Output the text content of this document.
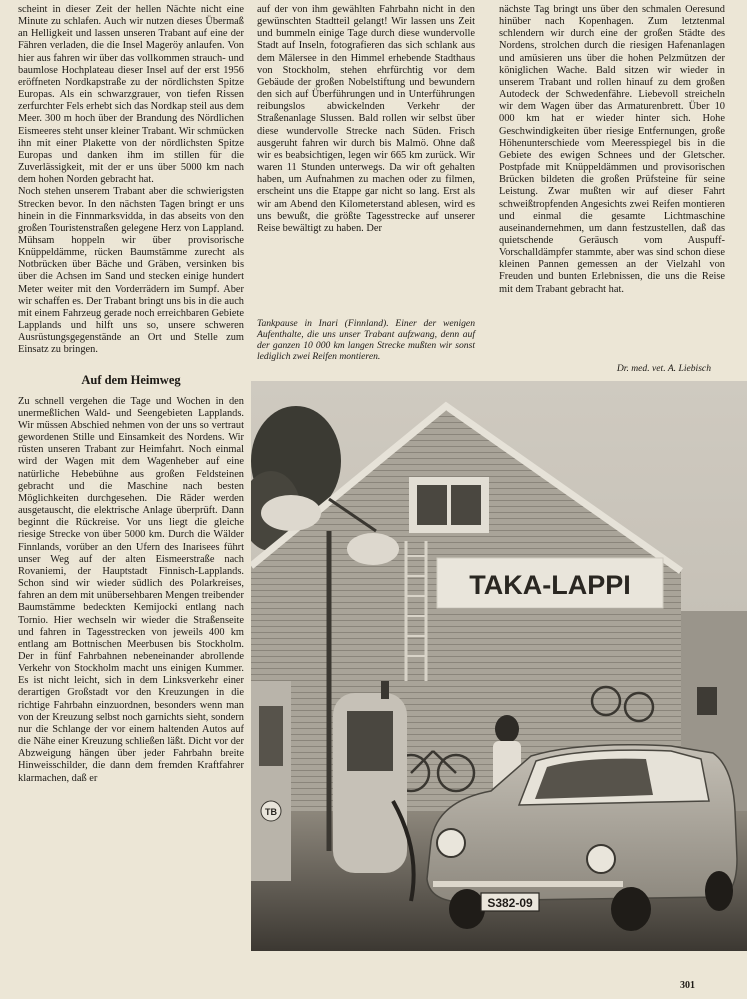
scheint in dieser Zeit der hellen Nächte nicht eine Minute zu schlafen. Auch wir nutzen dieses Übermaß an Helligkeit und lassen unseren Trabant auf eine der Fähren verladen, die die Insel Mageröy anlaufen. Von hier aus fahren wir über das vollkommen strauch- und baumlose Hochplateau dieser Insel auf der erst 1956 eröffneten Nordkapstraße zu der nördlichsten Spitze Europas. Als ein schwarzgrauer, von tiefen Rissen zerfurchter Fels erhebt sich das Nordkap steil aus dem Meer. 300 m hoch über der Brandung des Nördlichen Eismeeres steht unser kleiner Trabant. Wir schmücken ihn mit einer Plakette von der nördlichsten Spitze Europas und danken ihm im stillen für die Zuverlässigkeit, mit der er uns über 5000 km nach dem hohen Norden gebracht hat.

Noch stehen unserem Trabant aber die schwierigsten Strecken bevor. In den nächsten Tagen bringt er uns hinein in die Finnmarksvidda, in das abseits von den großen Touristenstraßen gelegene Herz von Lappland. Mühsam hoppeln wir über provisorische Knüppeldämme, rücken Baumstämme zurecht als Notbrücken über Bäche und Gräben, versinken bis über die Achsen im Sand und stecken einige hundert Meter weiter mit den Vorderrädern im Sumpf. Aber wir schaffen es. Der Trabant bringt uns bis in die auch mit einem Fahrzeug gerade noch erreichbaren Gebiete Lapplands und hilft uns so, unsere schweren Ausrüstungsgegenstände an Ort und Stelle zum Einsatz zu bringen.

Auf dem Heimweg

Zu schnell vergehen die Tage und Wochen in den unermeßlichen Wald- und Seengebieten Lapplands. Wir müssen Abschied nehmen von der uns so vertraut gewordenen Stille und Einsamkeit des Nordens. Wir rüsten unseren Trabant zur Heimfahrt. Noch einmal wird der Wagen mit dem Wagenheber auf eine natürliche Hebebühne aus großen Feldsteinen gebracht und die Maschine nach besten Möglichkeiten durchgesehen. Die Räder werden ausgetauscht, die elektrische Anlage überprüft. Dann beginnt die Rückreise. Vor uns liegt die gleiche riesige Strecke von über 5000 km. Durch die Wälder Finnlands, vorüber an den Ufern des Inarisees führt unser Weg auf der alten Eismeerstraße nach Rovaniemi, der Hauptstadt Finnisch-Lapplands. Schon sind wir wieder südlich des Polarkreises, fahren an dem mit unübersehbaren Mengen treibender Baumstämme bedeckten Kemijocki entlang nach Tornio. Hier wechseln wir wieder die Straßenseite und fahren in Tagesstrecken von jeweils 400 km entlang am Bottnischen Meerbusen bis Stockholm. Der in fünf Fahrbahnen nebeneinander abrollende Verkehr von Stockholm macht uns einigen Kummer. Es ist nicht leicht, sich in dem Linksverkehr einer derartigen Großstadt vor den Kreuzungen in die richtige Fahrbahn einzuordnen, besonders wenn man von der Kreuzung selbst noch garnichts sieht, sondern nur die Schlange der vor einem haltenden Autos auf die Nähe einer Kreuzung schließen läßt. Dicht vor der Abzweigung hängen über jeder Fahrbahn breite Hinweisschilder, die dann dem fremden Kraftfahrer klarmachen, daß er

auf der von ihm gewählten Fahrbahn nicht in den gewünschten Stadtteil gelangt! Wir lassen uns Zeit und bummeln einige Tage durch diese wundervolle Stadt auf Inseln, fotografieren das sich schlank aus dem Mälersee in den Himmel erhebende Stadthaus von Stockholm, stehen ehrfürchtig vor dem Gebäude der großen Nobelstiftung und bewundern den sich auf Überführungen und in Unterführungen reibungslos abwickelnden Verkehr der Straßenanlage Slussen. Bald rollen wir selbst über diese wundervolle Strecke nach Süden. Frisch ausgeruht fahren wir durch bis Malmö. Ohne daß wir es beabsichtigen, legen wir 665 km zurück. Wir waren 11 Stunden unterwegs. Da wir oft gehalten haben, um Aufnahmen zu machen oder zu filmen, erscheint uns die Etappe gar nicht so lang. Erst als wir am Abend den Kilometerstand ablesen, wird es uns bewußt, die größte Tagesstrecke auf unserer Reise bewältigt zu haben. Der

Tankpause in Inari (Finnland). Einer der wenigen Aufenthalte, die uns unser Trabant aufzwang, denn auf der ganzen 10 000 km langen Strecke mußten wir sonst lediglich zwei Reifen montieren.

nächste Tag bringt uns über den schmalen Oeresund hinüber nach Kopenhagen. Zum letztenmal schlendern wir durch eine der großen Städte des Nordens, strolchen durch die riesigen Hafenanlagen und amüsieren uns über die hohen Pelzmützen der königlichen Wache. Bald sitzen wir wieder in unserem Trabant und rollen hinauf zu dem großen Autodeck der Schwedenfähre. Liebevoll streicheln wir dem Wagen über das Armaturenbrett. Über 10 000 km hat er wieder hinter sich. Hohe Geschwindigkeiten über riesige Entfernungen, große Höhenunterschiede vom Meeresspiegel bis in die Gebiete des ewigen Schnees und der Gletscher. Postpfade mit Knüppeldämmen und provisorischen Brücken bildeten die großen Prüfsteine für seine Leistung. Zwar mußten wir auf dieser Fahrt schweißtropfenden Angesichts zwei Reifen montieren und einmal die gesamte Lichtmaschine auseinandernehmen, um dann festzustellen, daß das quietschende Geräusch vom Auspuff-Vorschalldämpfer stammte, aber was sind schon diese kleinen Pannen gemessen an der Vielzahl von Freuden und bunten Erlebnissen, die uns die Reise mit dem Trabant gebracht hat.

Dr. med. vet. A. Liebisch
TAKA-LAPPI
TB
S382-09
301
